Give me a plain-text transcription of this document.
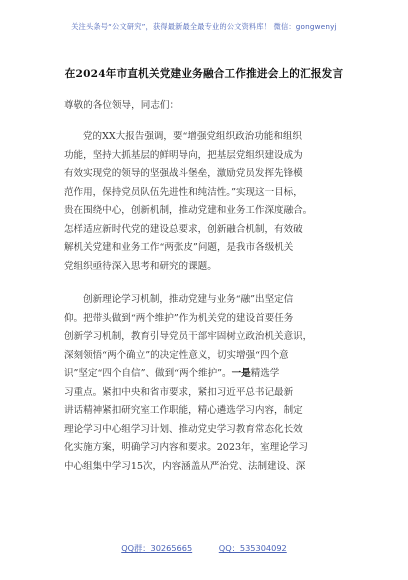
关注头条号“公文研究”，获得最新最全最专业的公文资料库！ 微信：gongwenyj
在2024年市直机关党建业务融合工作推进会上的汇报发言
尊敬的各位领导，同志们：

党的XX大报告强调，要“增强党组织政治功能和组织
功能，坚持大抓基层的鲜明导向，把基层党组织建设成为
有效实现党的领导的坚强战斗堡垒，激励党员发挥先锋模
范作用，保持党员队伍先进性和纯洁性。”实现这一目标，
贵在围绕中心，创新机制，推动党建和业务工作深度融合。
怎样适应新时代党的建设总要求，创新融合机制，有效破
解机关党建和业务工作“两张皮”问题，是我市各级机关
党组织亟待深入思考和研究的课题。

创新理论学习机制，推动党建与业务“融”出坚定信
仰。把带头做到“两个维护”作为机关党的建设首要任务
创新学习机制，教育引导党员干部牢固树立政治机关意识，
深刻领悟“两个确立”的决定性意义，切实增强“四个意
识”坚定“四个自信”、做到“两个维护”。一是精选学
习重点。紧扣中央和省市要求，紧扣习近平总书记最新
讲话精神紧扣研究室工作职能，精心遴选学习内容，制定
理论学习中心组学习计划、推动党史学习教育常态化长效
化实施方案，明确学习内容和要求。2023年，室理论学习
中心组集中学习15次，内容涵盖从严治党、法制建设、深

QQ群：30265665	QQ：535304092
